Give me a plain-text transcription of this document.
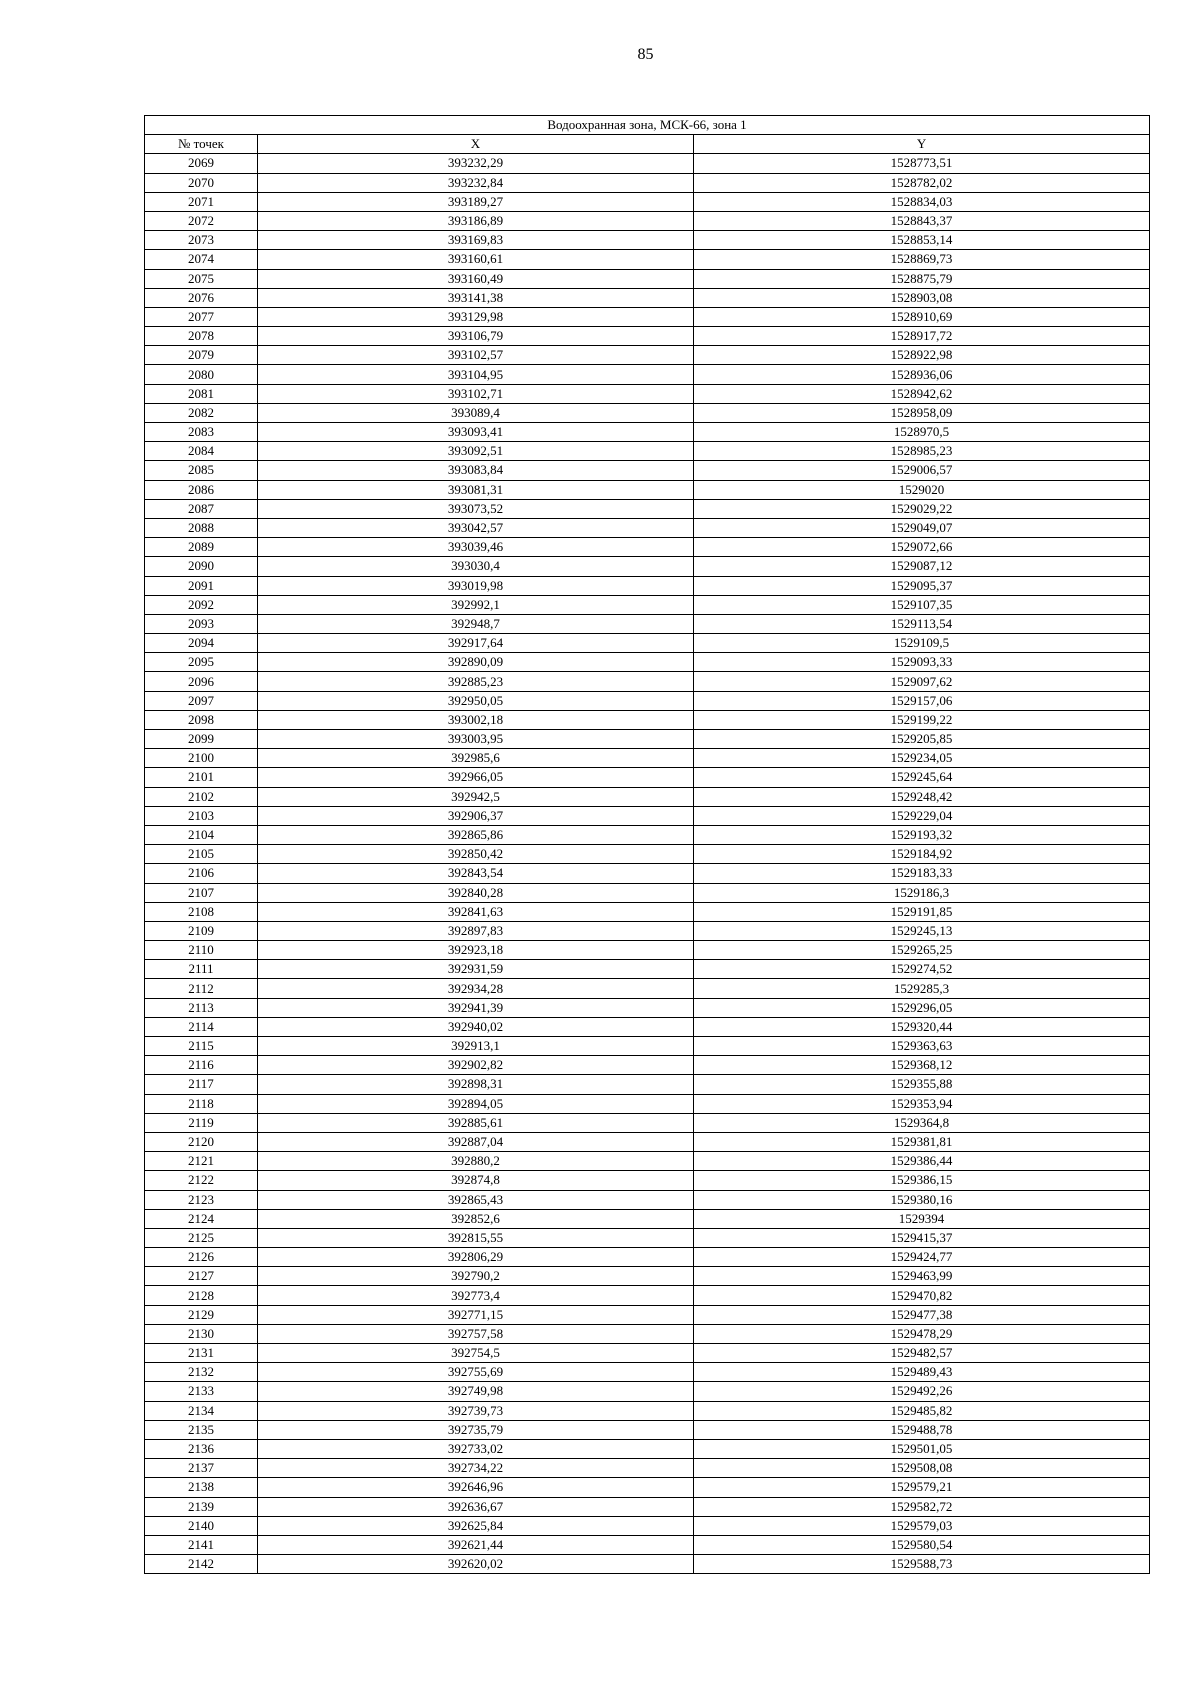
85
Водоохранная зона, МСК-66, зона 1		
№ точек	X	Y
2069	393232,29	1528773,51
2070	393232,84	1528782,02
2071	393189,27	1528834,03
2072	393186,89	1528843,37
2073	393169,83	1528853,14
2074	393160,61	1528869,73
2075	393160,49	1528875,79
2076	393141,38	1528903,08
2077	393129,98	1528910,69
2078	393106,79	1528917,72
2079	393102,57	1528922,98
2080	393104,95	1528936,06
2081	393102,71	1528942,62
2082	393089,4	1528958,09
2083	393093,41	1528970,5
2084	393092,51	1528985,23
2085	393083,84	1529006,57
2086	393081,31	1529020
2087	393073,52	1529029,22
2088	393042,57	1529049,07
2089	393039,46	1529072,66
2090	393030,4	1529087,12
2091	393019,98	1529095,37
2092	392992,1	1529107,35
2093	392948,7	1529113,54
2094	392917,64	1529109,5
2095	392890,09	1529093,33
2096	392885,23	1529097,62
2097	392950,05	1529157,06
2098	393002,18	1529199,22
2099	393003,95	1529205,85
2100	392985,6	1529234,05
2101	392966,05	1529245,64
2102	392942,5	1529248,42
2103	392906,37	1529229,04
2104	392865,86	1529193,32
2105	392850,42	1529184,92
2106	392843,54	1529183,33
2107	392840,28	1529186,3
2108	392841,63	1529191,85
2109	392897,83	1529245,13
2110	392923,18	1529265,25
2111	392931,59	1529274,52
2112	392934,28	1529285,3
2113	392941,39	1529296,05
2114	392940,02	1529320,44
2115	392913,1	1529363,63
2116	392902,82	1529368,12
2117	392898,31	1529355,88
2118	392894,05	1529353,94
2119	392885,61	1529364,8
2120	392887,04	1529381,81
2121	392880,2	1529386,44
2122	392874,8	1529386,15
2123	392865,43	1529380,16
2124	392852,6	1529394
2125	392815,55	1529415,37
2126	392806,29	1529424,77
2127	392790,2	1529463,99
2128	392773,4	1529470,82
2129	392771,15	1529477,38
2130	392757,58	1529478,29
2131	392754,5	1529482,57
2132	392755,69	1529489,43
2133	392749,98	1529492,26
2134	392739,73	1529485,82
2135	392735,79	1529488,78
2136	392733,02	1529501,05
2137	392734,22	1529508,08
2138	392646,96	1529579,21
2139	392636,67	1529582,72
2140	392625,84	1529579,03
2141	392621,44	1529580,54
2142	392620,02	1529588,73
